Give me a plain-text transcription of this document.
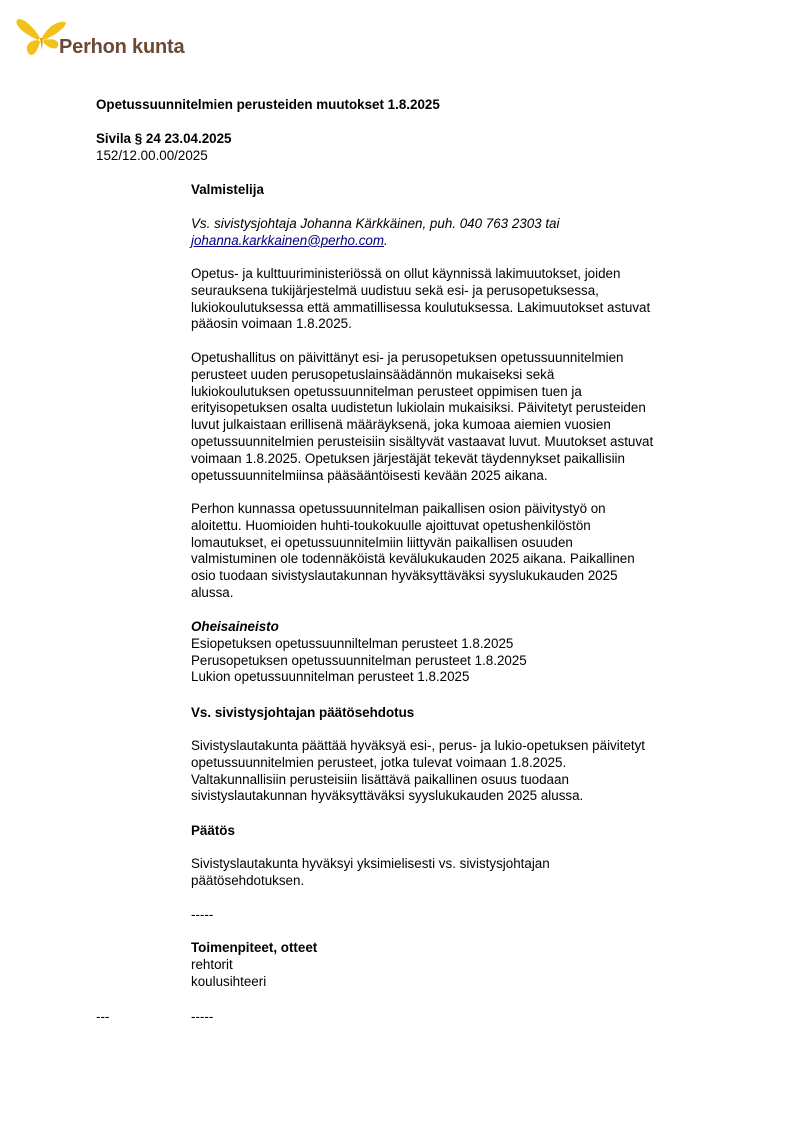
Perhon kunta
Opetussuunnitelmien perusteiden muutokset 1.8.2025
Sivila § 24 23.04.2025
152/12.00.00/2025
Valmistelija
Vs. sivistysjohtaja Johanna Kärkkäinen, puh. 040 763 2303 tai
johanna.karkkainen@perho.com.
Opetus- ja kulttuuriministeriössä on ollut käynnissä lakimuutokset, joiden
seurauksena tukijärjestelmä uudistuu sekä esi- ja perusopetuksessa,
lukiokoulutuksessa että ammatillisessa koulutuksessa. Lakimuutokset astuvat
pääosin voimaan 1.8.2025.
Opetushallitus on päivittänyt esi- ja perusopetuksen opetussuunnitelmien
perusteet uuden perusopetuslainsäädännön mukaiseksi sekä
lukiokoulutuksen opetussuunnitelman perusteet oppimisen tuen ja
erityisopetuksen osalta uudistetun lukiolain mukaisiksi. Päivitetyt perusteiden
luvut julkaistaan erillisenä määräyksenä, joka kumoaa aiemien vuosien
opetussuunnitelmien perusteisiin sisältyvät vastaavat luvut. Muutokset astuvat
voimaan 1.8.2025. Opetuksen järjestäjät tekevät täydennykset paikallisiin
opetussuunnitelmiinsa pääsääntöisesti kevään 2025 aikana.
Perhon kunnassa opetussuunnitelman paikallisen osion päivitystyö on
aloitettu. Huomioiden huhti-toukokuulle ajoittuvat opetushenkilöstön
lomautukset, ei opetussuunnitelmiin liittyvän paikallisen osuuden
valmistuminen ole todennäköistä kevälukukauden 2025 aikana. Paikallinen
osio tuodaan sivistyslautakunnan hyväksyttäväksi syyslukukauden 2025
alussa.
Oheisaineisto
Esiopetuksen opetussuunniltelman perusteet 1.8.2025
Perusopetuksen opetussuunnitelman perusteet 1.8.2025
Lukion opetussuunnitelman perusteet 1.8.2025
Vs. sivistysjohtajan päätösehdotus
Sivistyslautakunta päättää hyväksyä esi-, perus- ja lukio-opetuksen päivitetyt
opetussuunnitelmien perusteet, jotka tulevat voimaan 1.8.2025.
Valtakunnallisiin perusteisiin lisättävä paikallinen osuus tuodaan
sivistyslautakunnan hyväksyttäväksi syyslukukauden 2025 alussa.
Päätös
Sivistyslautakunta hyväksyi yksimielisesti vs. sivistysjohtajan
päätösehdotuksen.
-----
Toimenpiteet, otteet
rehtorit
koulusihteeri
---	-----
